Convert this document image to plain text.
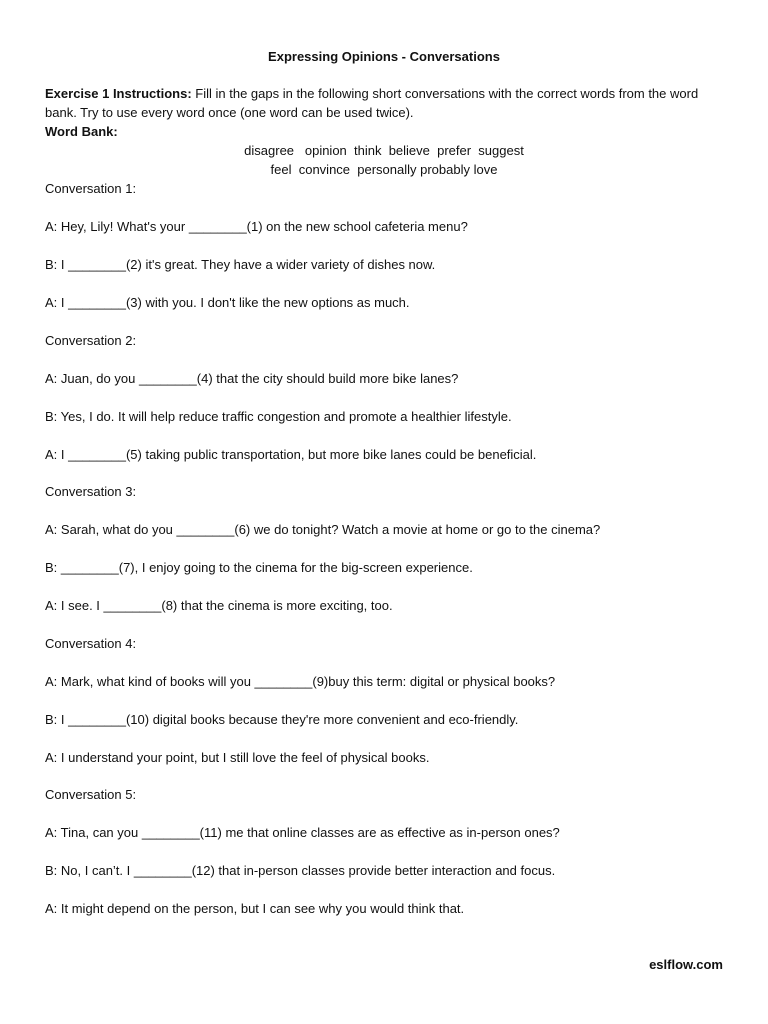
Expressing Opinions - Conversations
Exercise 1 Instructions: Fill in the gaps in the following short conversations with the correct words from the word bank. Try to use every word once (one word can be used twice).
Word Bank:
disagree   opinion  think  believe  prefer  suggest
feel  convince  personally probably love
Conversation 1:
A: Hey, Lily! What's your ________(1) on the new school cafeteria menu?
B: I ________(2) it's great. They have a wider variety of dishes now.
A: I ________(3) with you. I don't like the new options as much.
Conversation 2:
A: Juan, do you ________(4) that the city should build more bike lanes?
B: Yes, I do. It will help reduce traffic congestion and promote a healthier lifestyle.
A: I ________(5) taking public transportation, but more bike lanes could be beneficial.
Conversation 3:
A: Sarah, what do you ________(6) we do tonight? Watch a movie at home or go to the cinema?
B: ________(7), I enjoy going to the cinema for the big-screen experience.
A: I see. I ________(8) that the cinema is more exciting, too.
Conversation 4:
A: Mark, what kind of books will you ________(9)buy this term: digital or physical books?
B: I ________(10) digital books because they're more convenient and eco-friendly.
A: I understand your point, but I still love the feel of physical books.
Conversation 5:
A: Tina, can you ________(11) me that online classes are as effective as in-person ones?
B: No, I can’t. I ________(12) that in-person classes provide better interaction and focus.
A: It might depend on the person, but I can see why you would think that.
eslflow.com
